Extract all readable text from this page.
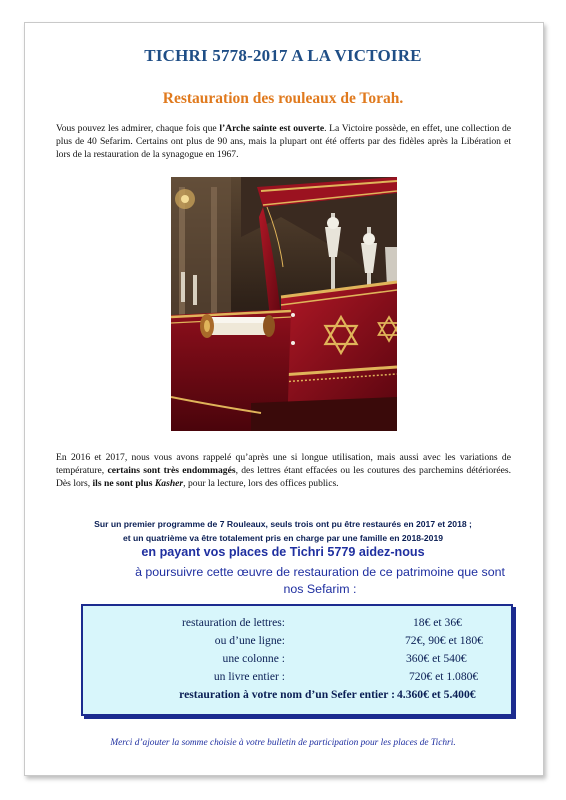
TICHRI 5778-2017 A LA VICTOIRE
Restauration des rouleaux de Torah.
Vous pouvez les admirer, chaque fois que l’Arche sainte est ouverte. La Victoire possède, en effet, une collection de plus de 40 Sefarim. Certains ont plus de 90 ans, mais la plupart ont été offerts par des fidèles après la Libération et lors de la restauration de la synagogue en 1967.
En 2016 et 2017, nous vous avons rappelé qu’après une si longue utilisation, mais aussi avec les variations de température, certains sont très endommagés, des lettres étant effacées ou les coutures des parchemins détériorées. Dès lors, ils ne sont plus Kasher, pour la lecture, lors des offices publics.
Sur un premier programme de 7 Rouleaux, seuls trois ont pu être restaurés en 2017 et 2018 ;
et un quatrième va être totalement pris en charge par une famille en 2018-2019
en payant vos places de Tichri 5779 aidez-nous
à poursuivre cette œuvre de restauration de ce patrimoine que sont
nos Sefarim :
restauration de lettres:	18€ et 36€
ou d’une ligne:	72€, 90€ et 180€
une colonne :	360€ et 540€
un livre entier :	720€ et 1.080€
restauration à votre nom d’un Sefer entier : 4.360€ et 5.400€
Merci d’ajouter la somme choisie à votre bulletin de participation pour les places de Tichri.
